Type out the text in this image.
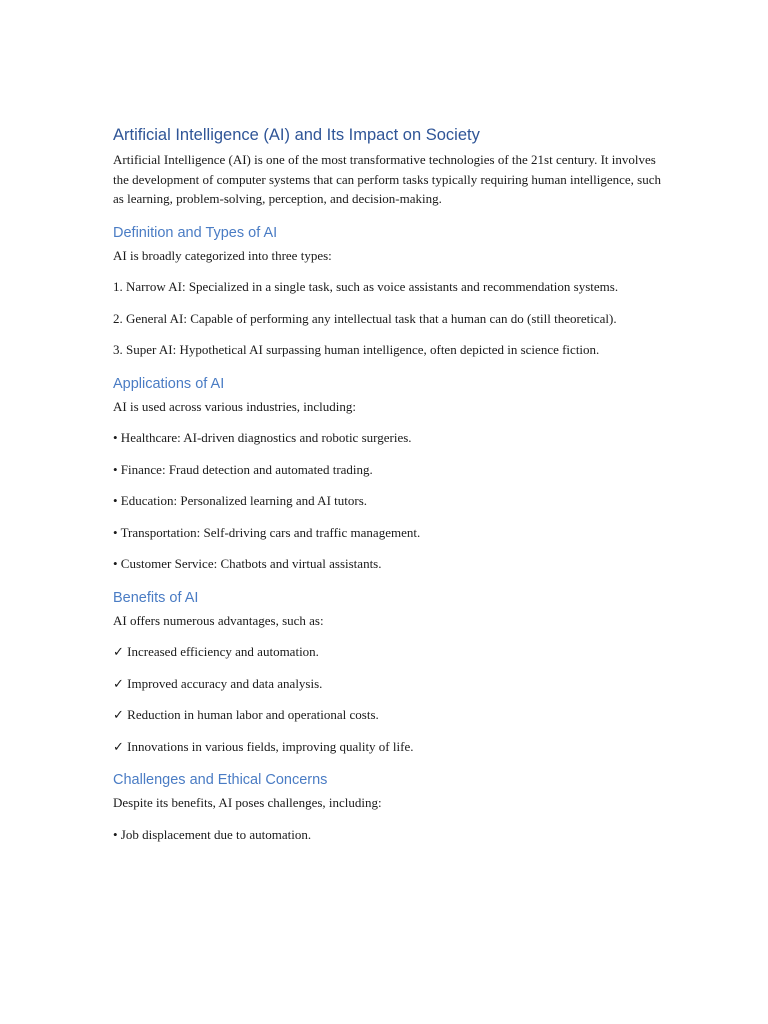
Artificial Intelligence (AI) and Its Impact on Society

Artificial Intelligence (AI) is one of the most transformative technologies of the 21st century. It involves the development of computer systems that can perform tasks typically requiring human intelligence, such as learning, problem-solving, perception, and decision-making.

Definition and Types of AI

AI is broadly categorized into three types:

1. Narrow AI: Specialized in a single task, such as voice assistants and recommendation systems.

2. General AI: Capable of performing any intellectual task that a human can do (still theoretical).

3. Super AI: Hypothetical AI surpassing human intelligence, often depicted in science fiction.

Applications of AI

AI is used across various industries, including:

• Healthcare: AI-driven diagnostics and robotic surgeries.

• Finance: Fraud detection and automated trading.

• Education: Personalized learning and AI tutors.

• Transportation: Self-driving cars and traffic management.

• Customer Service: Chatbots and virtual assistants.

Benefits of AI

AI offers numerous advantages, such as:

✓ Increased efficiency and automation.

✓ Improved accuracy and data analysis.

✓ Reduction in human labor and operational costs.

✓ Innovations in various fields, improving quality of life.

Challenges and Ethical Concerns

Despite its benefits, AI poses challenges, including:

• Job displacement due to automation.
